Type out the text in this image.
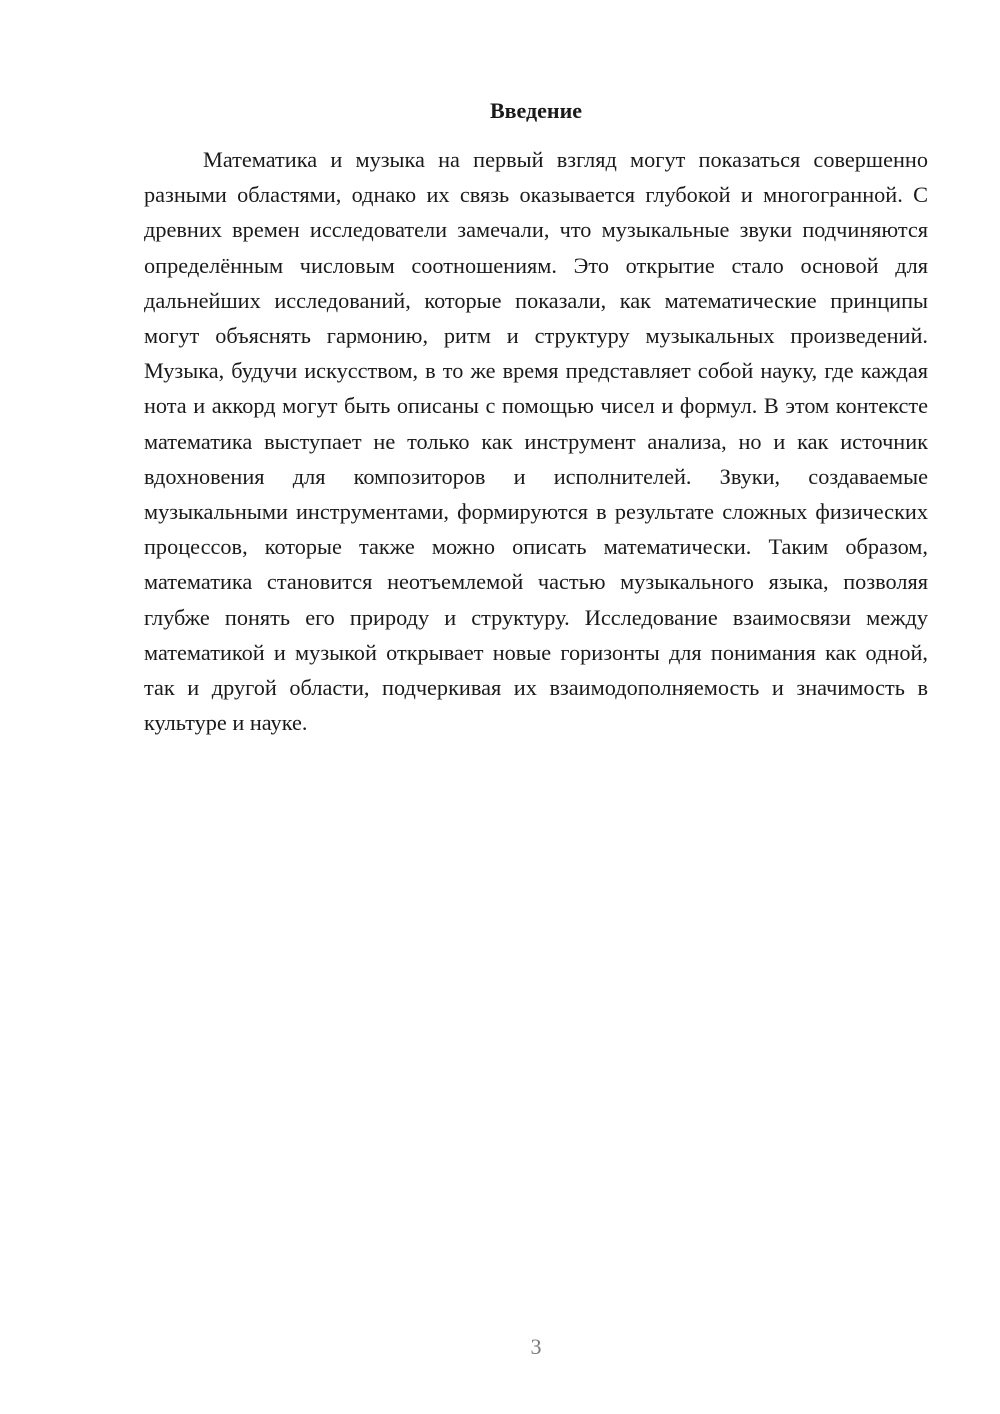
Введение

Математика и музыка на первый взгляд могут показаться совершенно разными областями, однако их связь оказывается глубокой и многогранной. С древних времен исследователи замечали, что музыкальные звуки подчиняются определённым числовым соотношениям. Это открытие стало основой для дальнейших исследований, которые показали, как математические принципы могут объяснять гармонию, ритм и структуру музыкальных произведений. Музыка, будучи искусством, в то же время представляет собой науку, где каждая нота и аккорд могут быть описаны с помощью чисел и формул. В этом контексте математика выступает не только как инструмент анализа, но и как источник вдохновения для композиторов и исполнителей. Звуки, создаваемые музыкальными инструментами, формируются в результате сложных физических процессов, которые также можно описать математически. Таким образом, математика становится неотъемлемой частью музыкального языка, позволяя глубже понять его природу и структуру. Исследование взаимосвязи между математикой и музыкой открывает новые горизонты для понимания как одной, так и другой области, подчеркивая их взаимодополняемость и значимость в культуре и науке.

3
